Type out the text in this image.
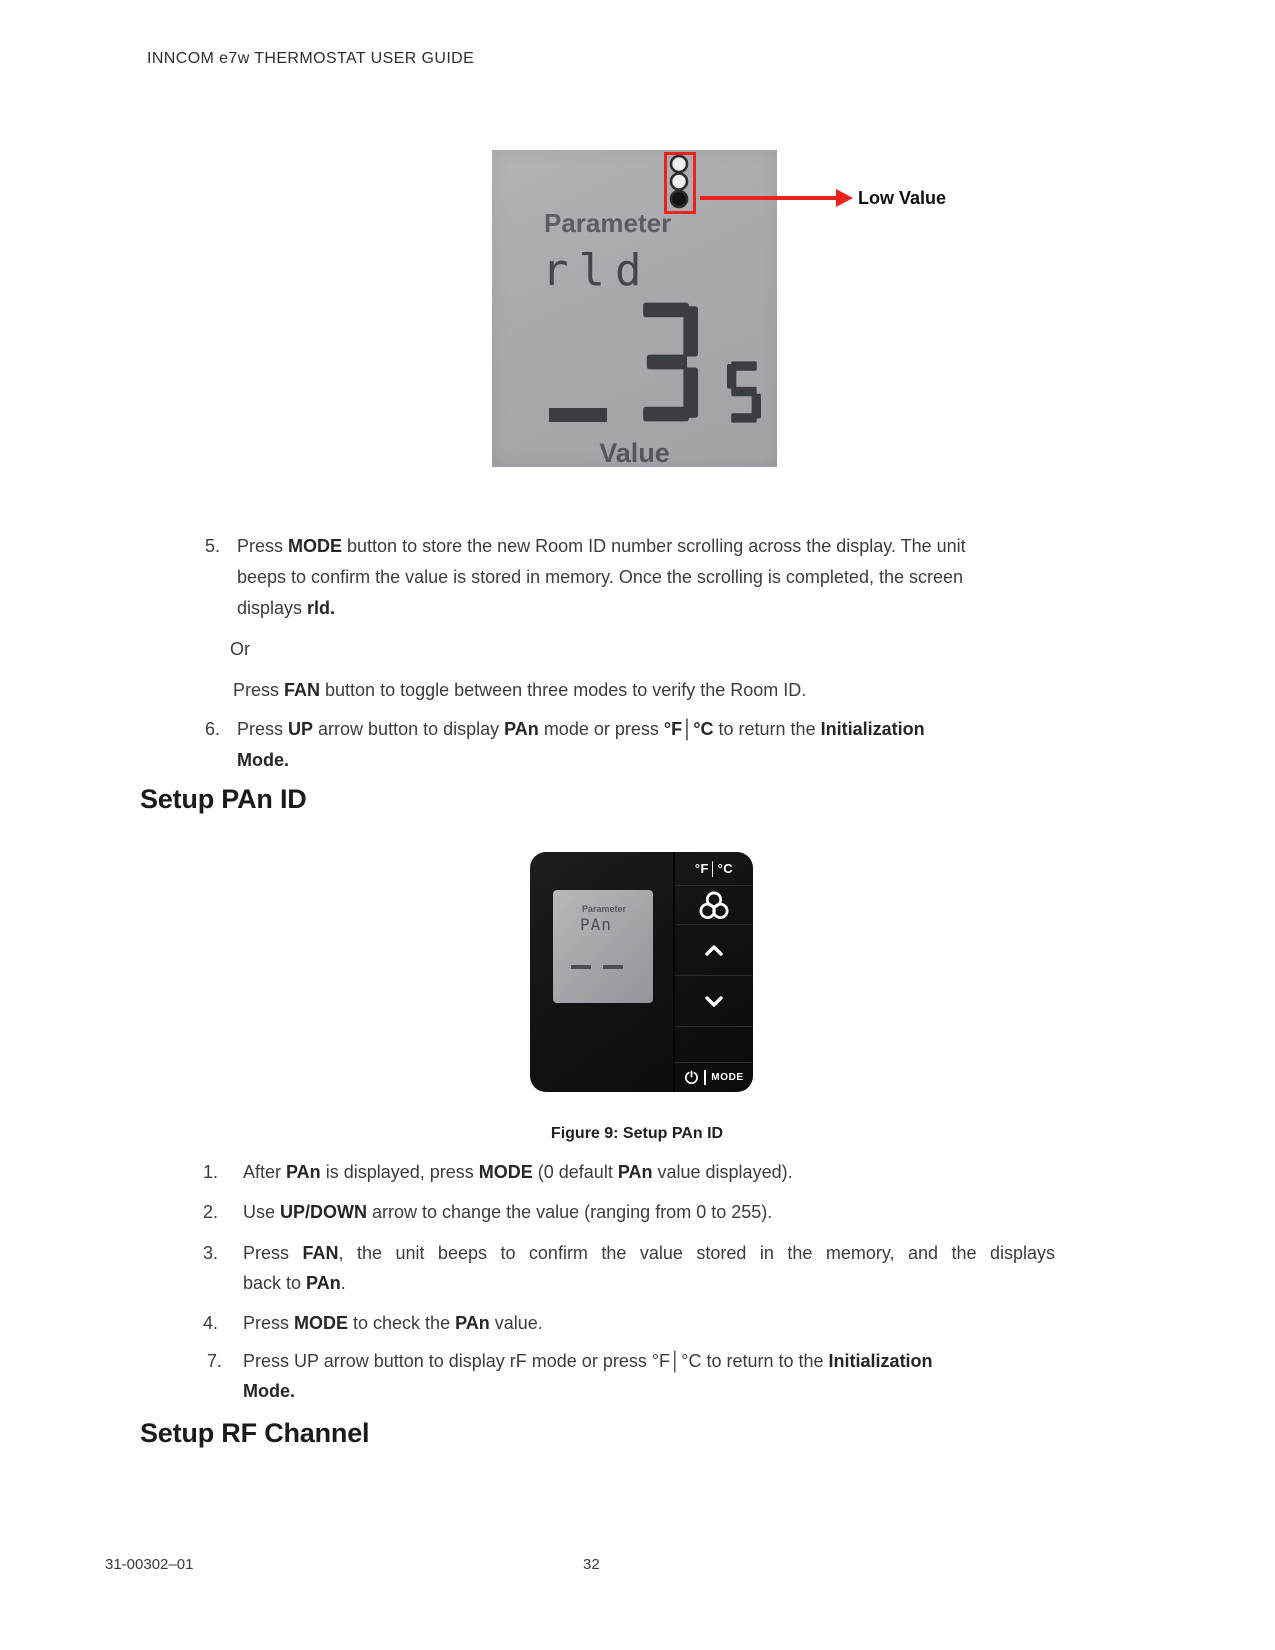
INNCOM e7w THERMOSTAT USER GUIDE
Parameter
rld
Value
Low Value
5. Press MODE button to store the new Room ID number scrolling across the display. The unit
beeps to confirm the value is stored in memory. Once the scrolling is completed, the screen
displays rld.
Or
Press FAN button to toggle between three modes to verify the Room ID.
6. Press UP arrow button to display PAn mode or press °F│°C to return the Initialization
Mode.
Setup PAn ID
Parameter
PAn
°F│°C
MODE
Figure 9: Setup PAn ID
1. After PAn is displayed, press MODE (0 default PAn value displayed).
2. Use UP/DOWN arrow to change the value (ranging from 0 to 255).
3. Press FAN, the unit beeps to confirm the value stored in the memory, and the displays
back to PAn.
4. Press MODE to check the PAn value.
7. Press UP arrow button to display rF mode or press °F│°C to return to the Initialization
Mode.
Setup RF Channel
31-00302–01	32
